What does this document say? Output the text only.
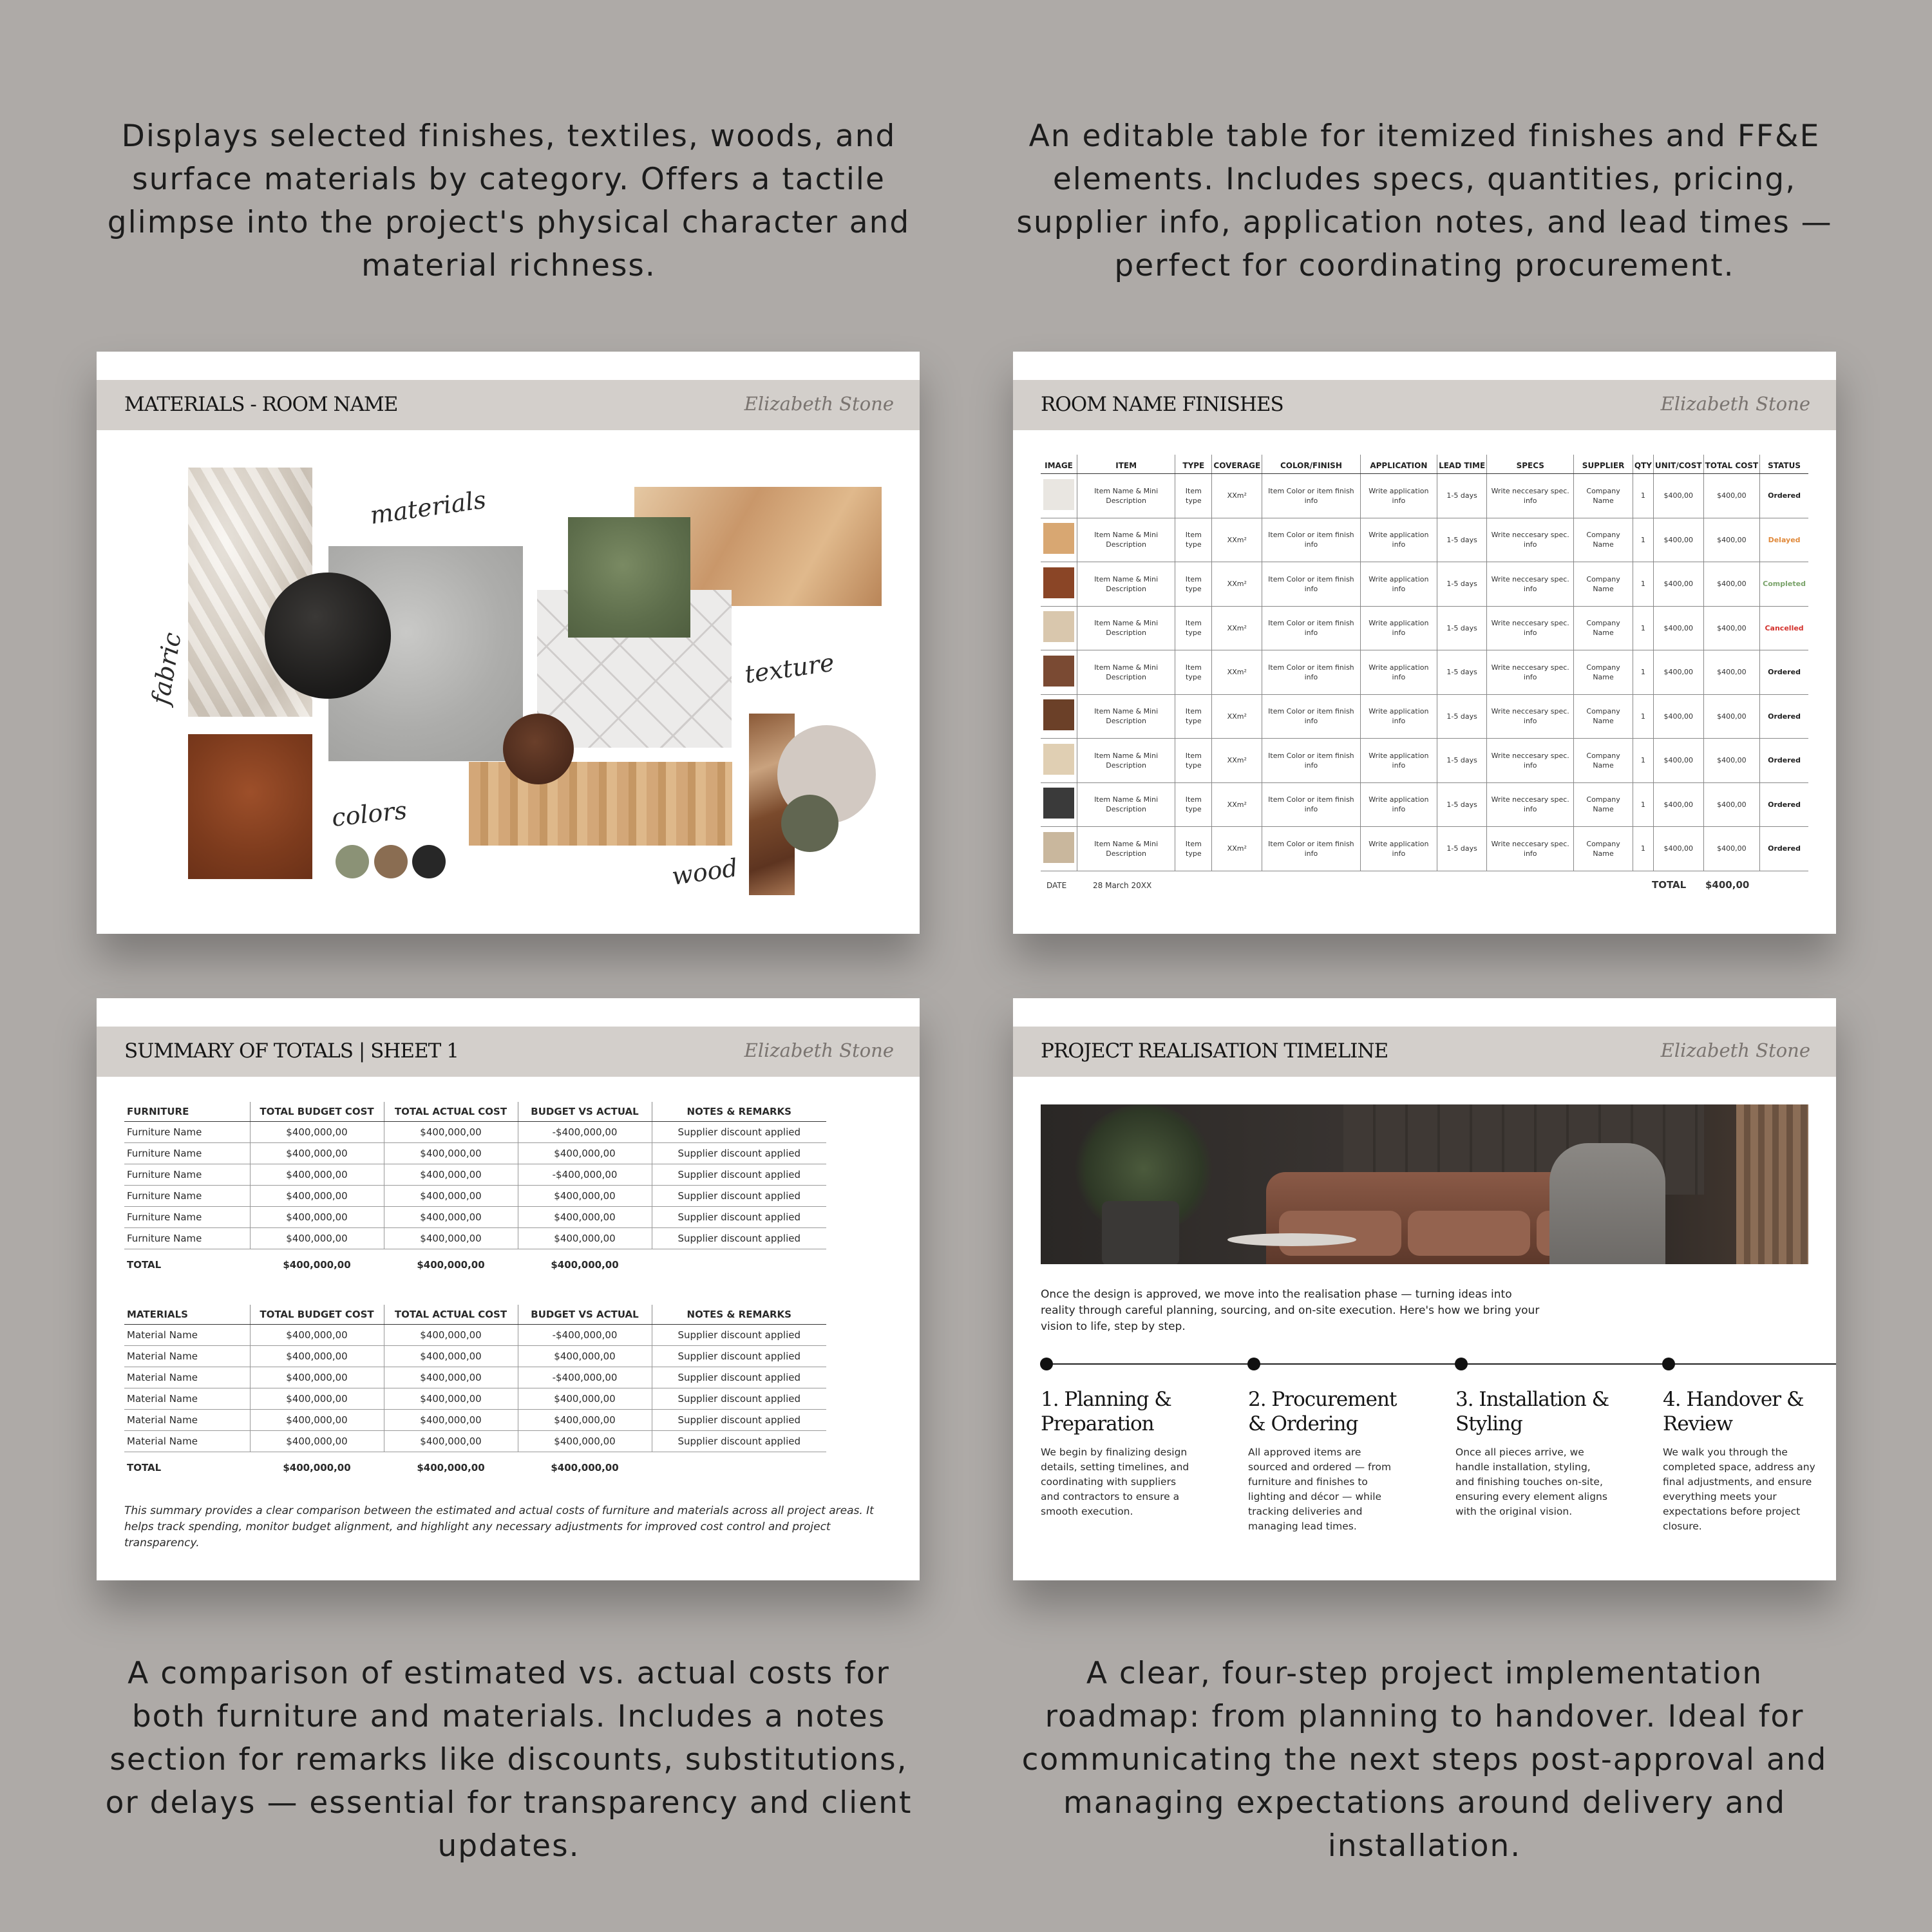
Displays selected finishes, textiles, woods, and surface materials by category. Offers a tactile glimpse into the project's physical character and material richness.
An editable table for itemized finishes and FF&E elements. Includes specs, quantities, pricing, supplier info, application notes, and lead times — perfect for coordinating procurement.
A comparison of estimated vs. actual costs for both furniture and materials. Includes a notes section for remarks like discounts, substitutions, or delays — essential for transparency and client updates.
A clear, four-step project implementation roadmap: from planning to handover. Ideal for communicating the next steps post-approval and managing expectations around delivery and installation.
MATERIALS - ROOM NAME	Elizabeth Stone
materials
fabric	texture
colors
wood
ROOM NAME FINISHES	Elizabeth Stone
IMAGE	ITEM	TYPE	COVERAGE	COLOR/FINISH	APPLICATION	LEAD TIME	SPECS	SUPPLIER	QTY	UNIT/COST	TOTAL COST	STATUS
	Item Name & Mini Description	Item type	XXm²	Item Color or item finish info	Write application info	1-5 days	Write neccesary spec. info	Company Name	1	$400,00	$400,00	Ordered
	Item Name & Mini Description	Item type	XXm²	Item Color or item finish info	Write application info	1-5 days	Write neccesary spec. info	Company Name	1	$400,00	$400,00	Delayed
	Item Name & Mini Description	Item type	XXm²	Item Color or item finish info	Write application info	1-5 days	Write neccesary spec. info	Company Name	1	$400,00	$400,00	Completed
	Item Name & Mini Description	Item type	XXm²	Item Color or item finish info	Write application info	1-5 days	Write neccesary spec. info	Company Name	1	$400,00	$400,00	Cancelled
	Item Name & Mini Description	Item type	XXm²	Item Color or item finish info	Write application info	1-5 days	Write neccesary spec. info	Company Name	1	$400,00	$400,00	Ordered
	Item Name & Mini Description	Item type	XXm²	Item Color or item finish info	Write application info	1-5 days	Write neccesary spec. info	Company Name	1	$400,00	$400,00	Ordered
	Item Name & Mini Description	Item type	XXm²	Item Color or item finish info	Write application info	1-5 days	Write neccesary spec. info	Company Name	1	$400,00	$400,00	Ordered
	Item Name & Mini Description	Item type	XXm²	Item Color or item finish info	Write application info	1-5 days	Write neccesary spec. info	Company Name	1	$400,00	$400,00	Ordered
	Item Name & Mini Description	Item type	XXm²	Item Color or item finish info	Write application info	1-5 days	Write neccesary spec. info	Company Name	1	$400,00	$400,00	Ordered
DATE	28 March 20XX	TOTAL $400,00
SUMMARY OF TOTALS | SHEET 1	Elizabeth Stone
FURNITURE	TOTAL BUDGET COST	TOTAL ACTUAL COST	BUDGET VS ACTUAL	NOTES & REMARKS
Furniture Name	$400,000,00	$400,000,00	-$400,000,00	Supplier discount applied
Furniture Name	$400,000,00	$400,000,00	$400,000,00	Supplier discount applied
Furniture Name	$400,000,00	$400,000,00	-$400,000,00	Supplier discount applied
Furniture Name	$400,000,00	$400,000,00	$400,000,00	Supplier discount applied
Furniture Name	$400,000,00	$400,000,00	$400,000,00	Supplier discount applied
Furniture Name	$400,000,00	$400,000,00	$400,000,00	Supplier discount applied
TOTAL	$400,000,00	$400,000,00	$400,000,00	
MATERIALS	TOTAL BUDGET COST	TOTAL ACTUAL COST	BUDGET VS ACTUAL	NOTES & REMARKS
Material Name	$400,000,00	$400,000,00	-$400,000,00	Supplier discount applied
Material Name	$400,000,00	$400,000,00	$400,000,00	Supplier discount applied
Material Name	$400,000,00	$400,000,00	-$400,000,00	Supplier discount applied
Material Name	$400,000,00	$400,000,00	$400,000,00	Supplier discount applied
Material Name	$400,000,00	$400,000,00	$400,000,00	Supplier discount applied
Material Name	$400,000,00	$400,000,00	$400,000,00	Supplier discount applied
TOTAL	$400,000,00	$400,000,00	$400,000,00	
This summary provides a clear comparison between the estimated and actual costs of furniture and materials across all project areas. It helps track spending, monitor budget alignment, and highlight any necessary adjustments for improved cost control and project transparency.
PROJECT REALISATION TIMELINE	Elizabeth Stone
Once the design is approved, we move into the realisation phase — turning ideas into reality through careful planning, sourcing, and on-site execution. Here's how we bring your vision to life, step by step.
1. Planning & Preparation
We begin by finalizing design details, setting timelines, and coordinating with suppliers and contractors to ensure a smooth execution.
2. Procurement & Ordering
All approved items are sourced and ordered — from furniture and finishes to lighting and décor — while tracking deliveries and managing lead times.
3. Installation & Styling
Once all pieces arrive, we handle installation, styling, and finishing touches on-site, ensuring every element aligns with the original vision.
4. Handover & Review
We walk you through the completed space, address any final adjustments, and ensure everything meets your expectations before project closure.
